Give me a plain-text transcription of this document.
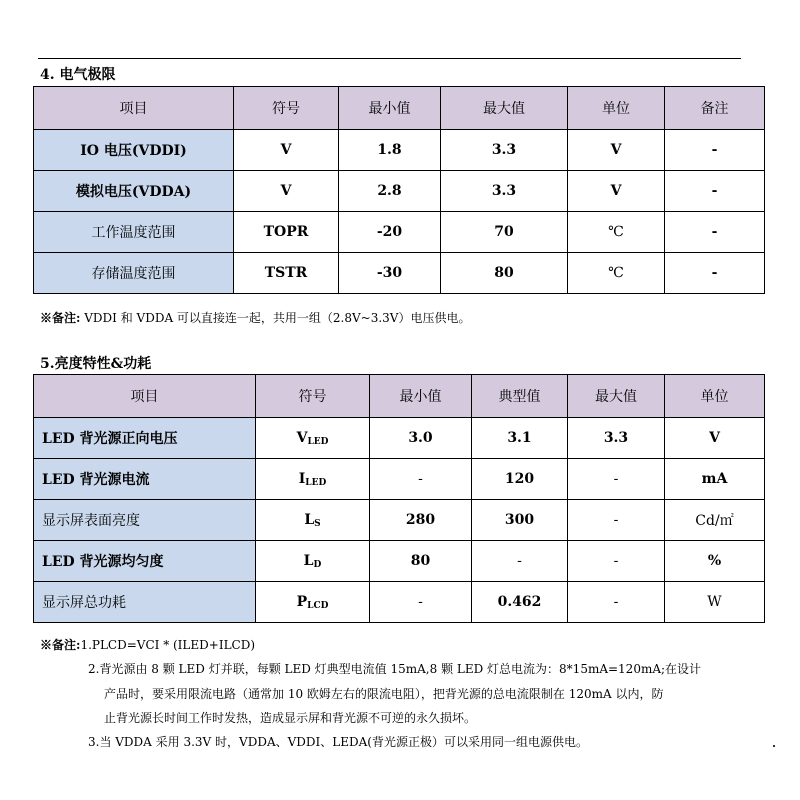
4. 电气极限
项目	符号	最小值	最大值	单位	备注
IO 电压(VDDI)	V	1.8	3.3	V	-
模拟电压(VDDA)	V	2.8	3.3	V	-
工作温度范围	TOPR	-20	70	℃	-
存储温度范围	TSTR	-30	80	℃	-
※备注: VDDI 和 VDDA 可以直接连一起，共用一组（2.8V~3.3V）电压供电。
5.亮度特性&功耗
项目	符号	最小值	典型值	最大值	单位
LED 背光源正向电压	$V_{LED}$	3.0	3.1	3.3	V
LED 背光源电流	$I_{LED}$	-	120	-	mA
显示屏表面亮度	$L_S$	280	300	-	Cd/㎡
LED 背光源均匀度	$L_D$	80	-	-	%
显示屏总功耗	$P_{LCD}$	-	0.462	-	W
※备注:1.PLCD=VCI * (ILED+ILCD)
2.背光源由 8 颗 LED 灯并联，每颗 LED 灯典型电流值 15mA,8 颗 LED 灯总电流为：8*15mA=120mA;在设计
产品时，要采用限流电路（通常加 10 欧姆左右的限流电阻），把背光源的总电流限制在 120mA 以内，防
止背光源长时间工作时发热，造成显示屏和背光源不可逆的永久损坏。
3.当 VDDA 采用 3.3V 时，VDDA、VDDI、LEDA(背光源正极）可以采用同一组电源供电。
